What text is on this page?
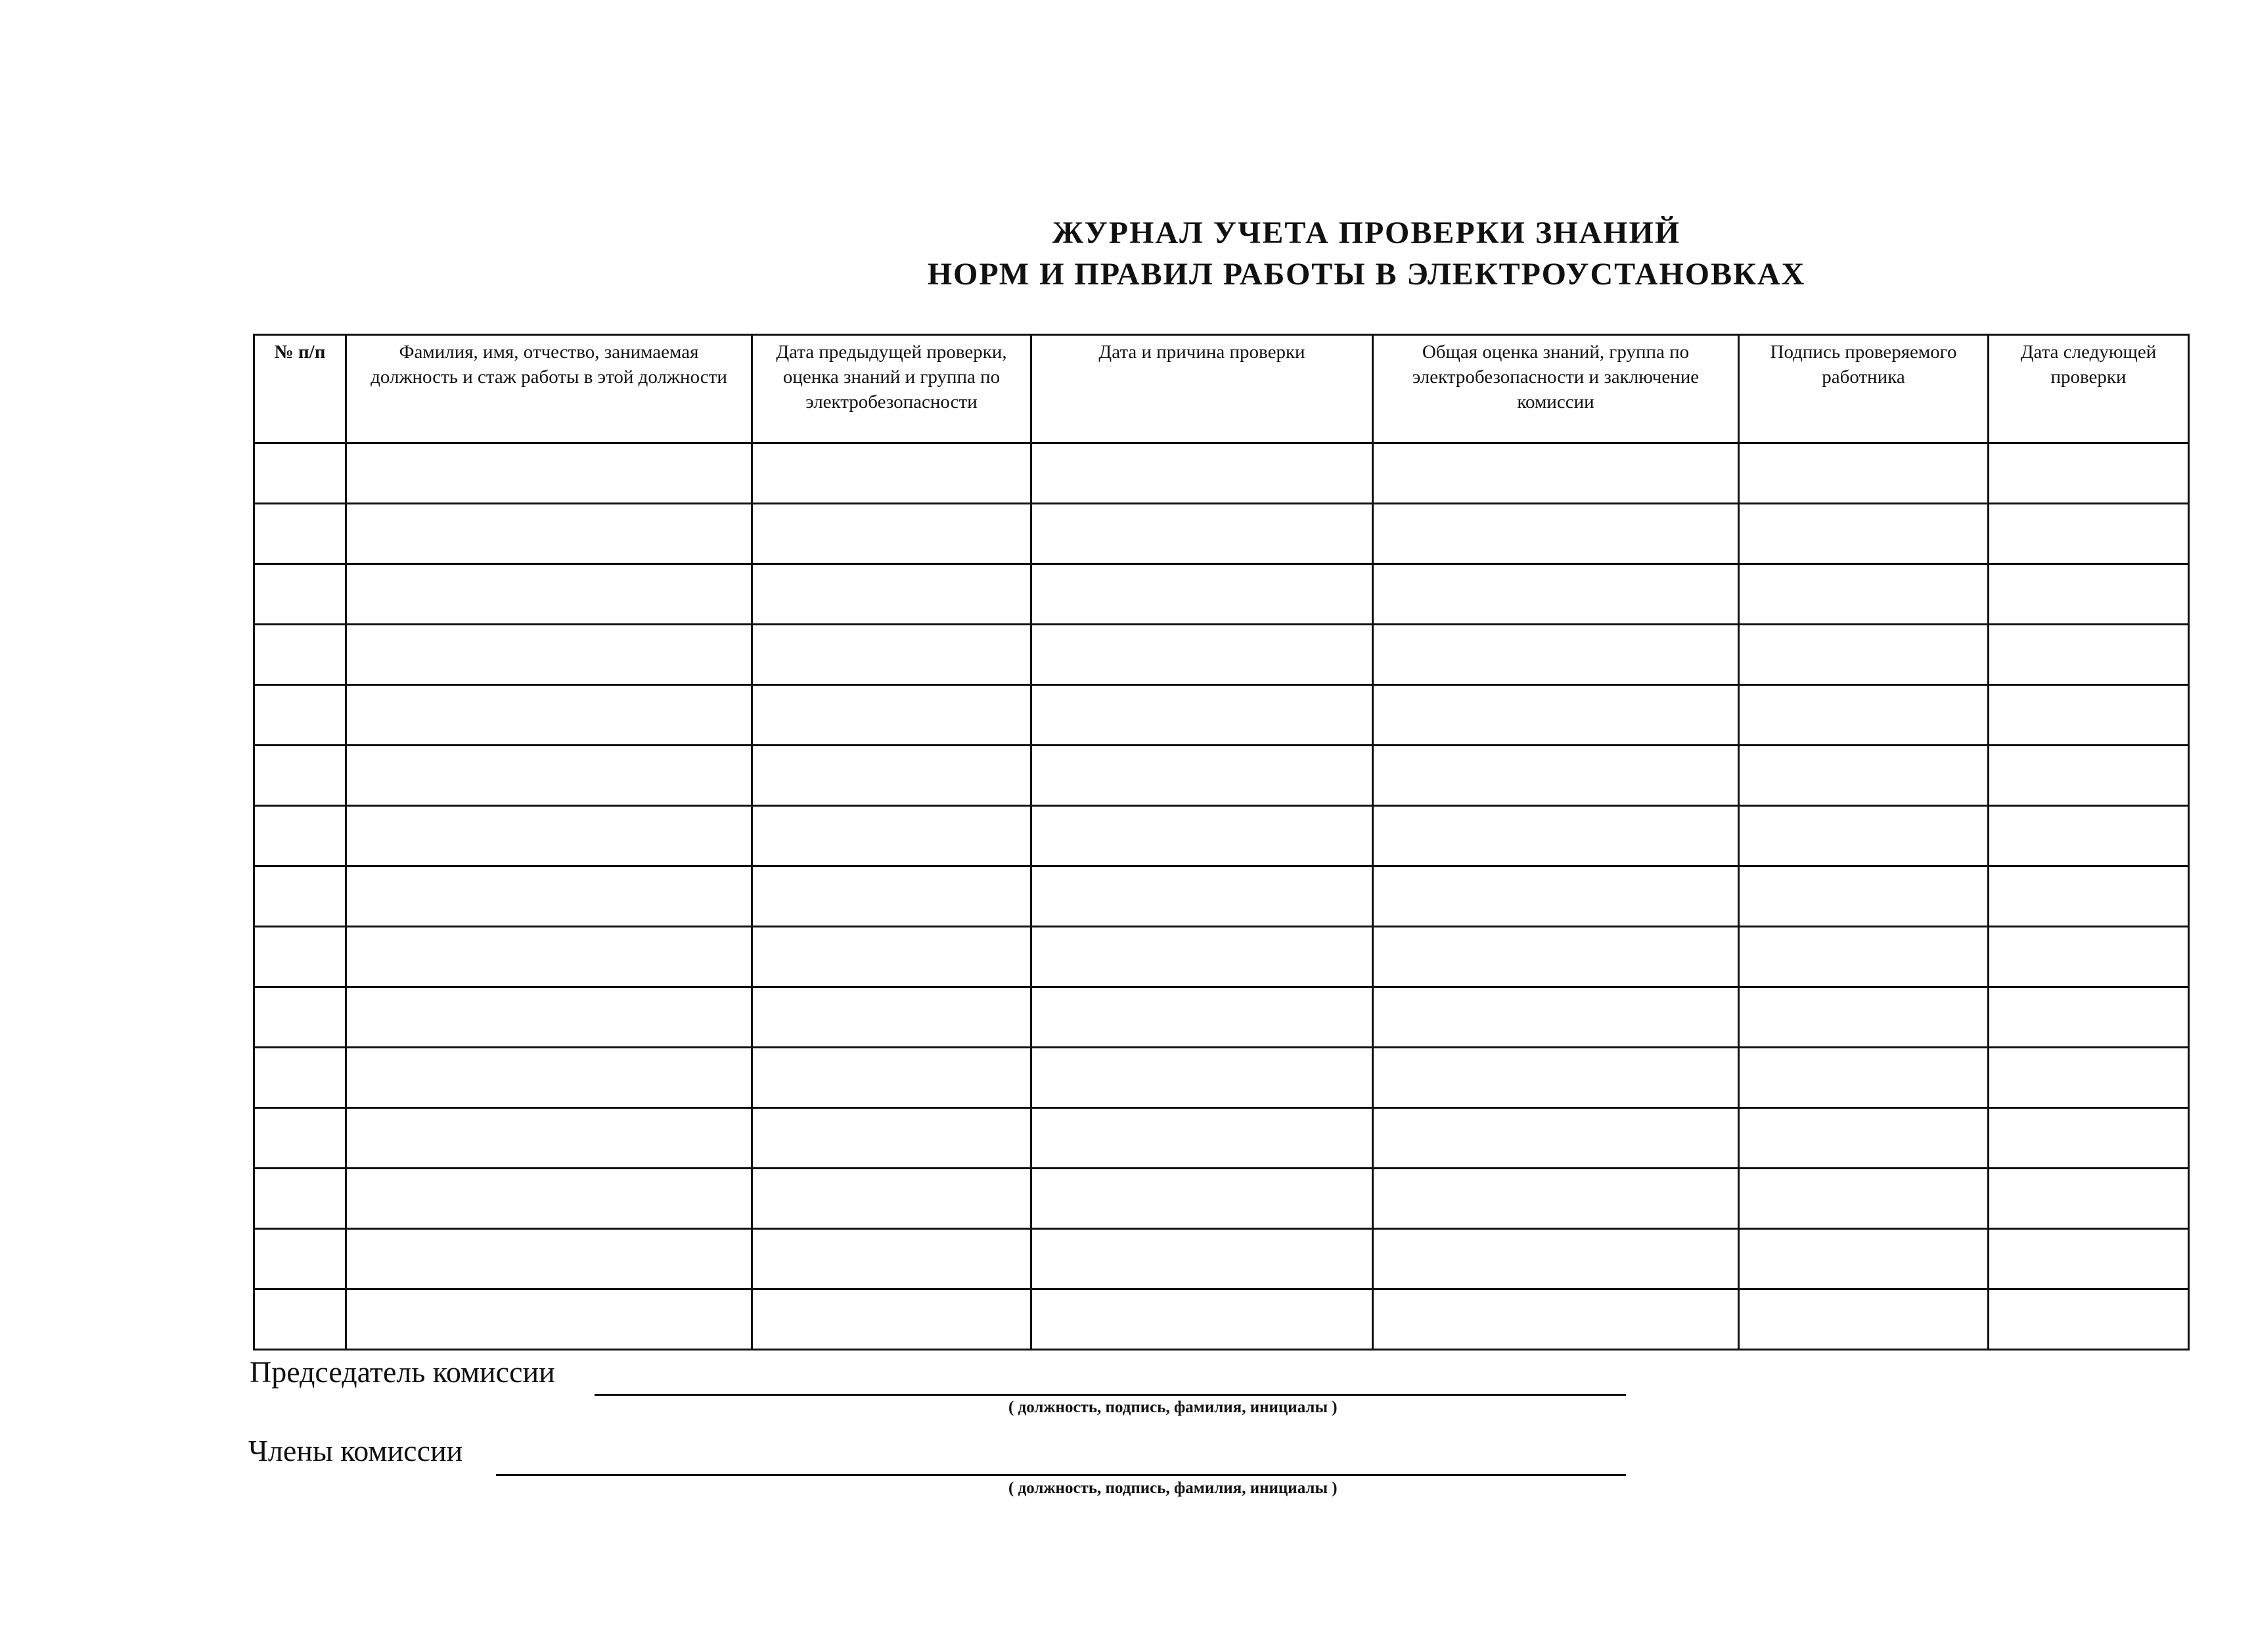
ЖУРНАЛ УЧЕТА ПРОВЕРКИ ЗНАНИЙ
НОРМ И ПРАВИЛ РАБОТЫ В ЭЛЕКТРОУСТАНОВКАХ
№ п/п	Фамилия, имя, отчество, занимаемая должность и стаж работы в этой должности	Дата предыдущей проверки, оценка знаний и группа по электробезопасности	Дата и причина проверки	Общая оценка знаний, группа по электробезопасности и заключение комиссии	Подпись проверяемого работника	Дата следующей проверки

Председатель комиссии
( должность, подпись, фамилия, инициалы )
Члены комиссии
( должность, подпись, фамилия, инициалы )
